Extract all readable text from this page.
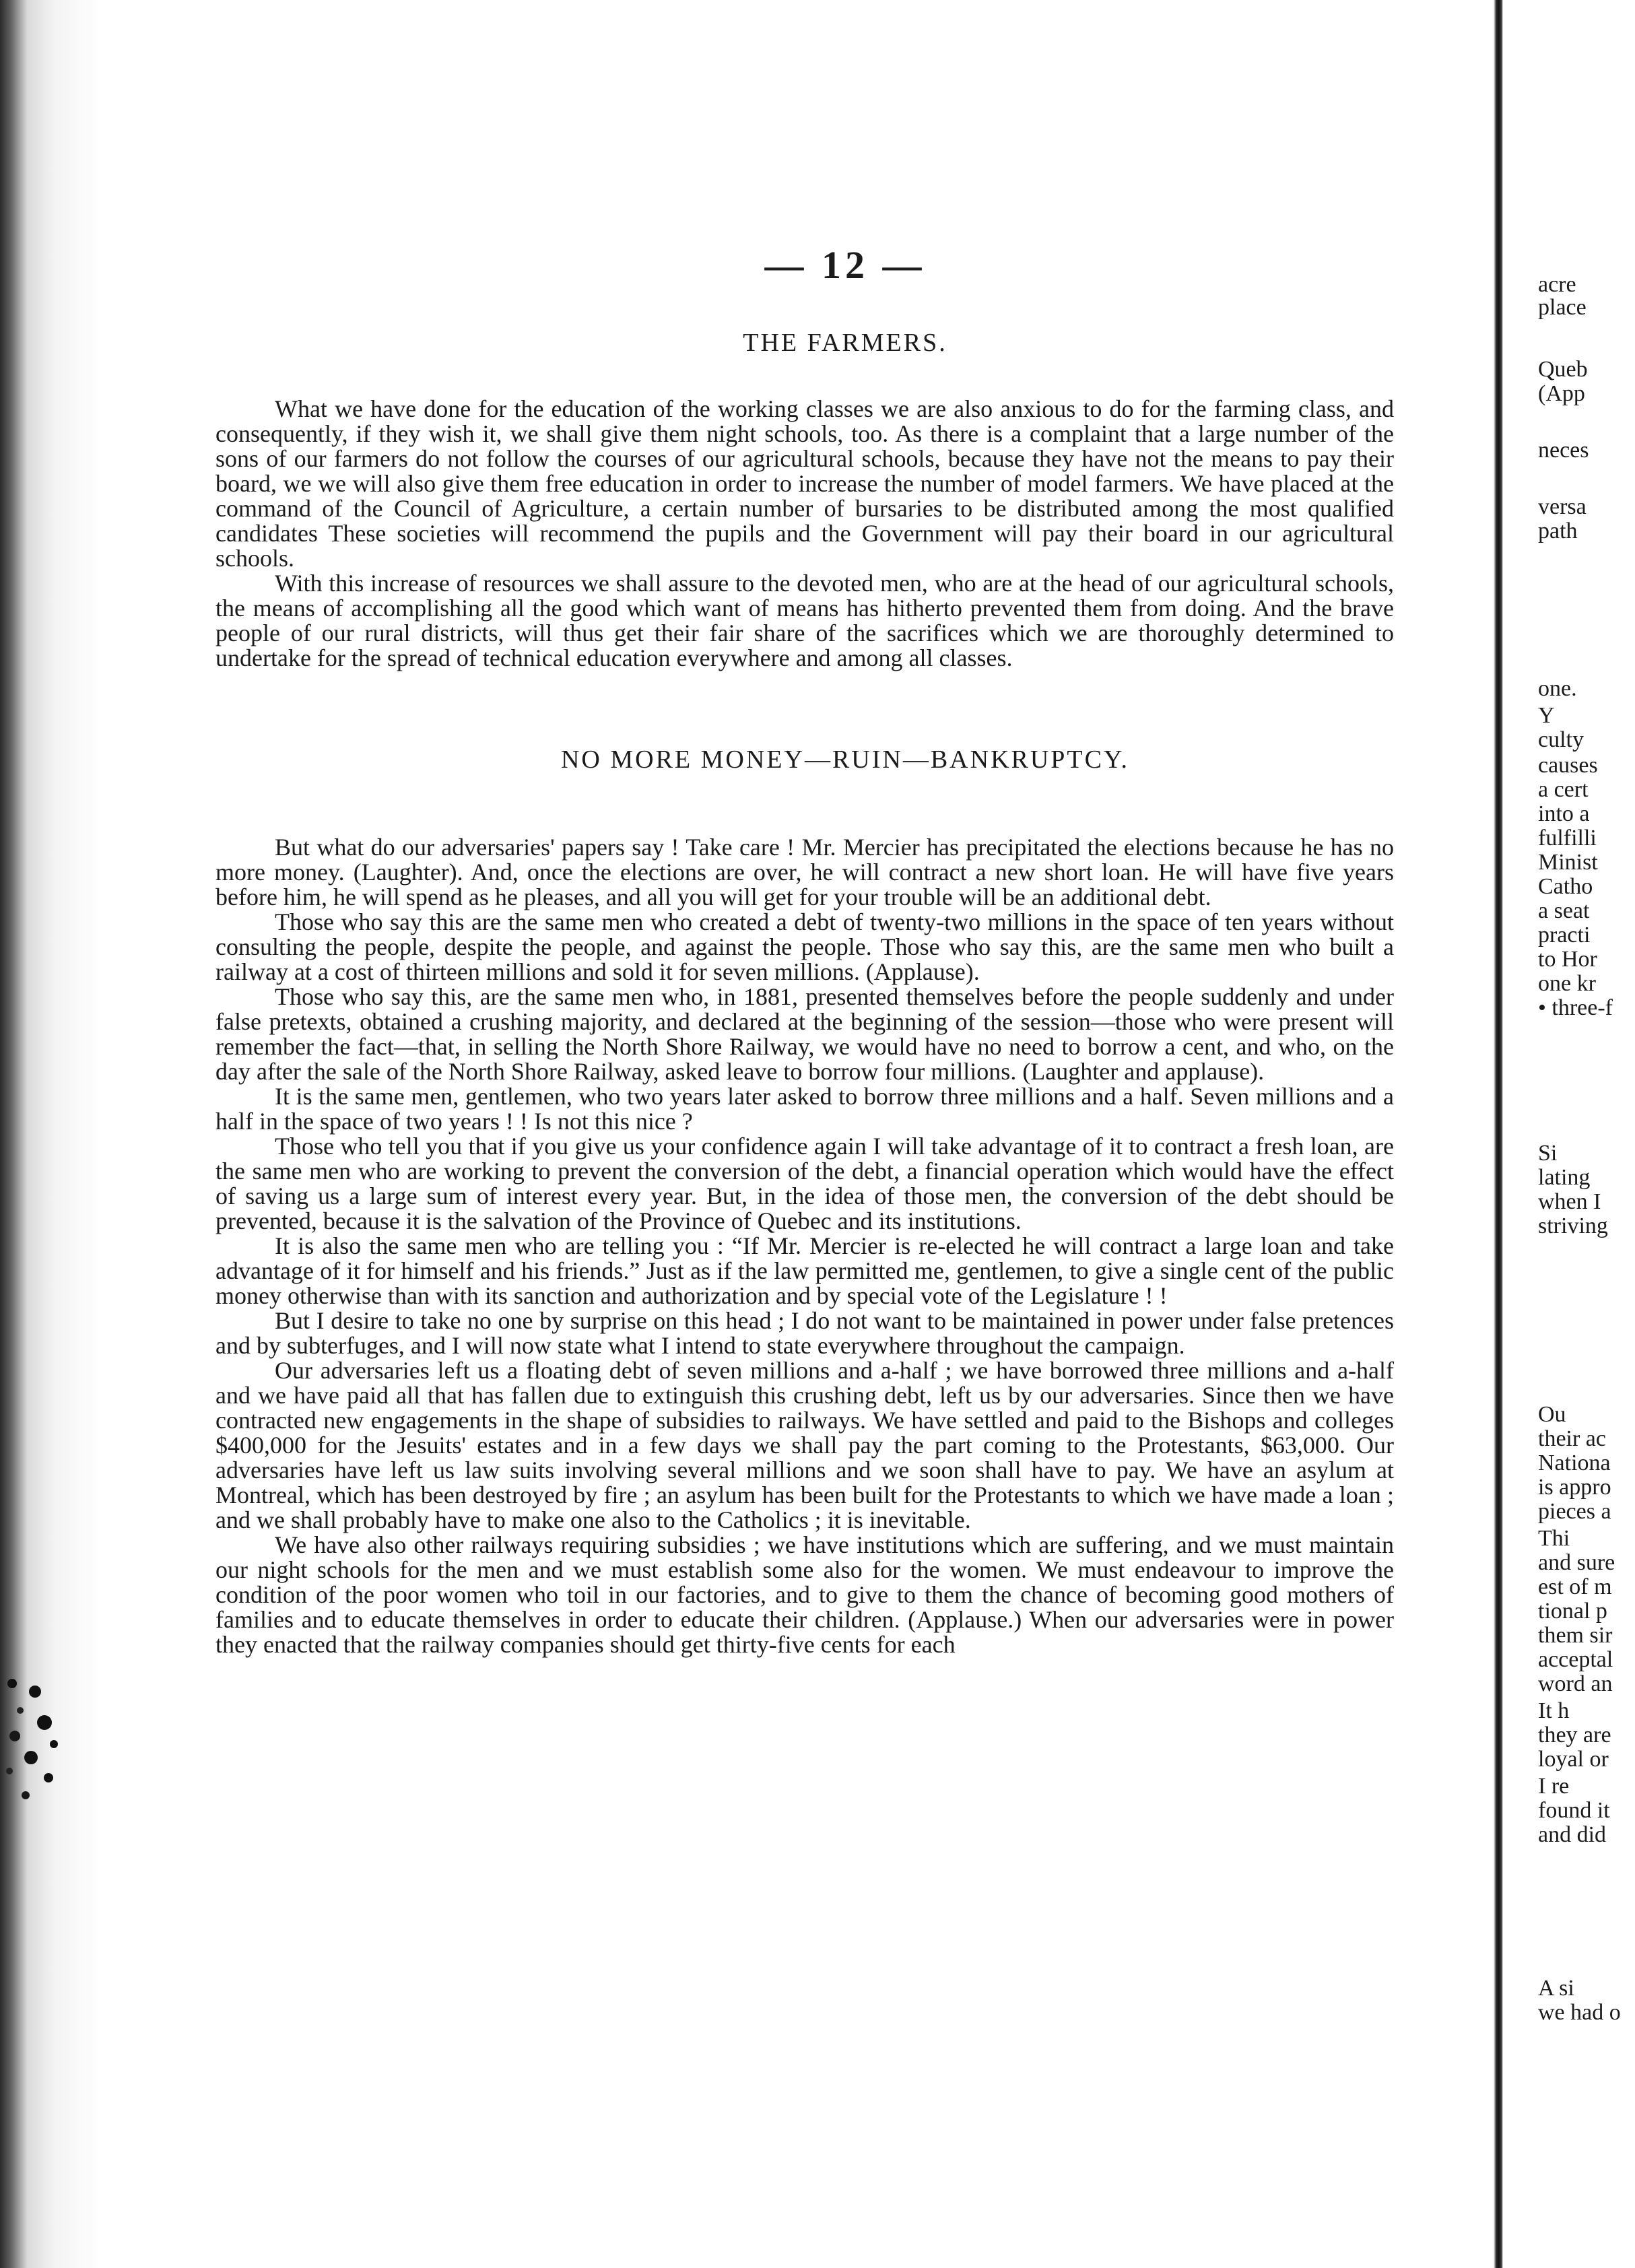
— 12 —
THE FARMERS.

What we have done for the education of the working classes we are also anxious to do for the farming class, and consequently, if they wish it, we shall give them night schools, too. As there is a complaint that a large number of the sons of our farmers do not follow the courses of our agricultural schools, because they have not the means to pay their board, we we will also give them free education in order to increase the number of model farmers. We have placed at the command of the Council of Agriculture, a certain number of bursaries to be distributed among the most qualified candidates These societies will recommend the pupils and the Government will pay their board in our agricultural schools.

With this increase of resources we shall assure to the devoted men, who are at the head of our agricultural schools, the means of accomplishing all the good which want of means has hitherto prevented them from doing. And the brave people of our rural districts, will thus get their fair share of the sacrifices which we are thoroughly determined to undertake for the spread of technical education everywhere and among all classes.

NO MORE MONEY—RUIN—BANKRUPTCY.

But what do our adversaries' papers say ! Take care ! Mr. Mercier has precipitated the elections because he has no more money. (Laughter). And, once the elections are over, he will contract a new short loan. He will have five years before him, he will spend as he pleases, and all you will get for your trouble will be an additional debt.

Those who say this are the same men who created a debt of twenty-two millions in the space of ten years without consulting the people, despite the people, and against the people. Those who say this, are the same men who built a railway at a cost of thirteen millions and sold it for seven millions. (Applause).

Those who say this, are the same men who, in 1881, presented themselves before the people suddenly and under false pretexts, obtained a crushing majority, and declared at the beginning of the session—those who were present will remember the fact—that, in selling the North Shore Railway, we would have no need to borrow a cent, and who, on the day after the sale of the North Shore Railway, asked leave to borrow four millions. (Laughter and applause).

It is the same men, gentlemen, who two years later asked to borrow three millions and a half. Seven millions and a half in the space of two years ! ! Is not this nice ?

Those who tell you that if you give us your confidence again I will take advantage of it to contract a fresh loan, are the same men who are working to prevent the conversion of the debt, a financial operation which would have the effect of saving us a large sum of interest every year. But, in the idea of those men, the conversion of the debt should be prevented, because it is the salvation of the Province of Quebec and its institutions.

It is also the same men who are telling you : “If Mr. Mercier is re-elected he will contract a large loan and take advantage of it for himself and his friends.” Just as if the law permitted me, gentlemen, to give a single cent of the public money otherwise than with its sanction and authorization and by special vote of the Legislature ! !

But I desire to take no one by surprise on this head ; I do not want to be maintained in power under false pretences and by subterfuges, and I will now state what I intend to state everywhere throughout the campaign.

Our adversaries left us a floating debt of seven millions and a-half ; we have borrowed three millions and a-half and we have paid all that has fallen due to extinguish this crushing debt, left us by our adversaries. Since then we have contracted new engagements in the shape of subsidies to railways. We have settled and paid to the Bishops and colleges $400,000 for the Jesuits' estates and in a few days we shall pay the part coming to the Protestants, $63,000. Our adversaries have left us law suits involving several millions and we soon shall have to pay. We have an asylum at Montreal, which has been destroyed by fire ; an asylum has been built for the Protestants to which we have made a loan ; and we shall probably have to make one also to the Catholics ; it is inevitable.

We have also other railways requiring subsidies ; we have institutions which are suffering, and we must maintain our night schools for the men and we must establish some also for the women. We must endeavour to improve the condition of the poor women who toil in our factories, and to give to them the chance of becoming good mothers of families and to educate themselves in order to educate their children. (Applause.) When our adversaries were in power they enacted that the railway companies should get thirty-five cents for each

acre
place
Queb
(App
neces
versa
path
one.
Y
culty
causes
a cert
into a
fulfilli
Minist
Catho
a seat
practi
to Hor
one kr
• three-f
Si
lating
when I
striving
Ou
their ac
Nationa
is appro
pieces a
Thi
and sure
est of m
tional p
them sir
acceptal
word an
It h
they are
loyal or
I re
found it
and did
A si
we had o
